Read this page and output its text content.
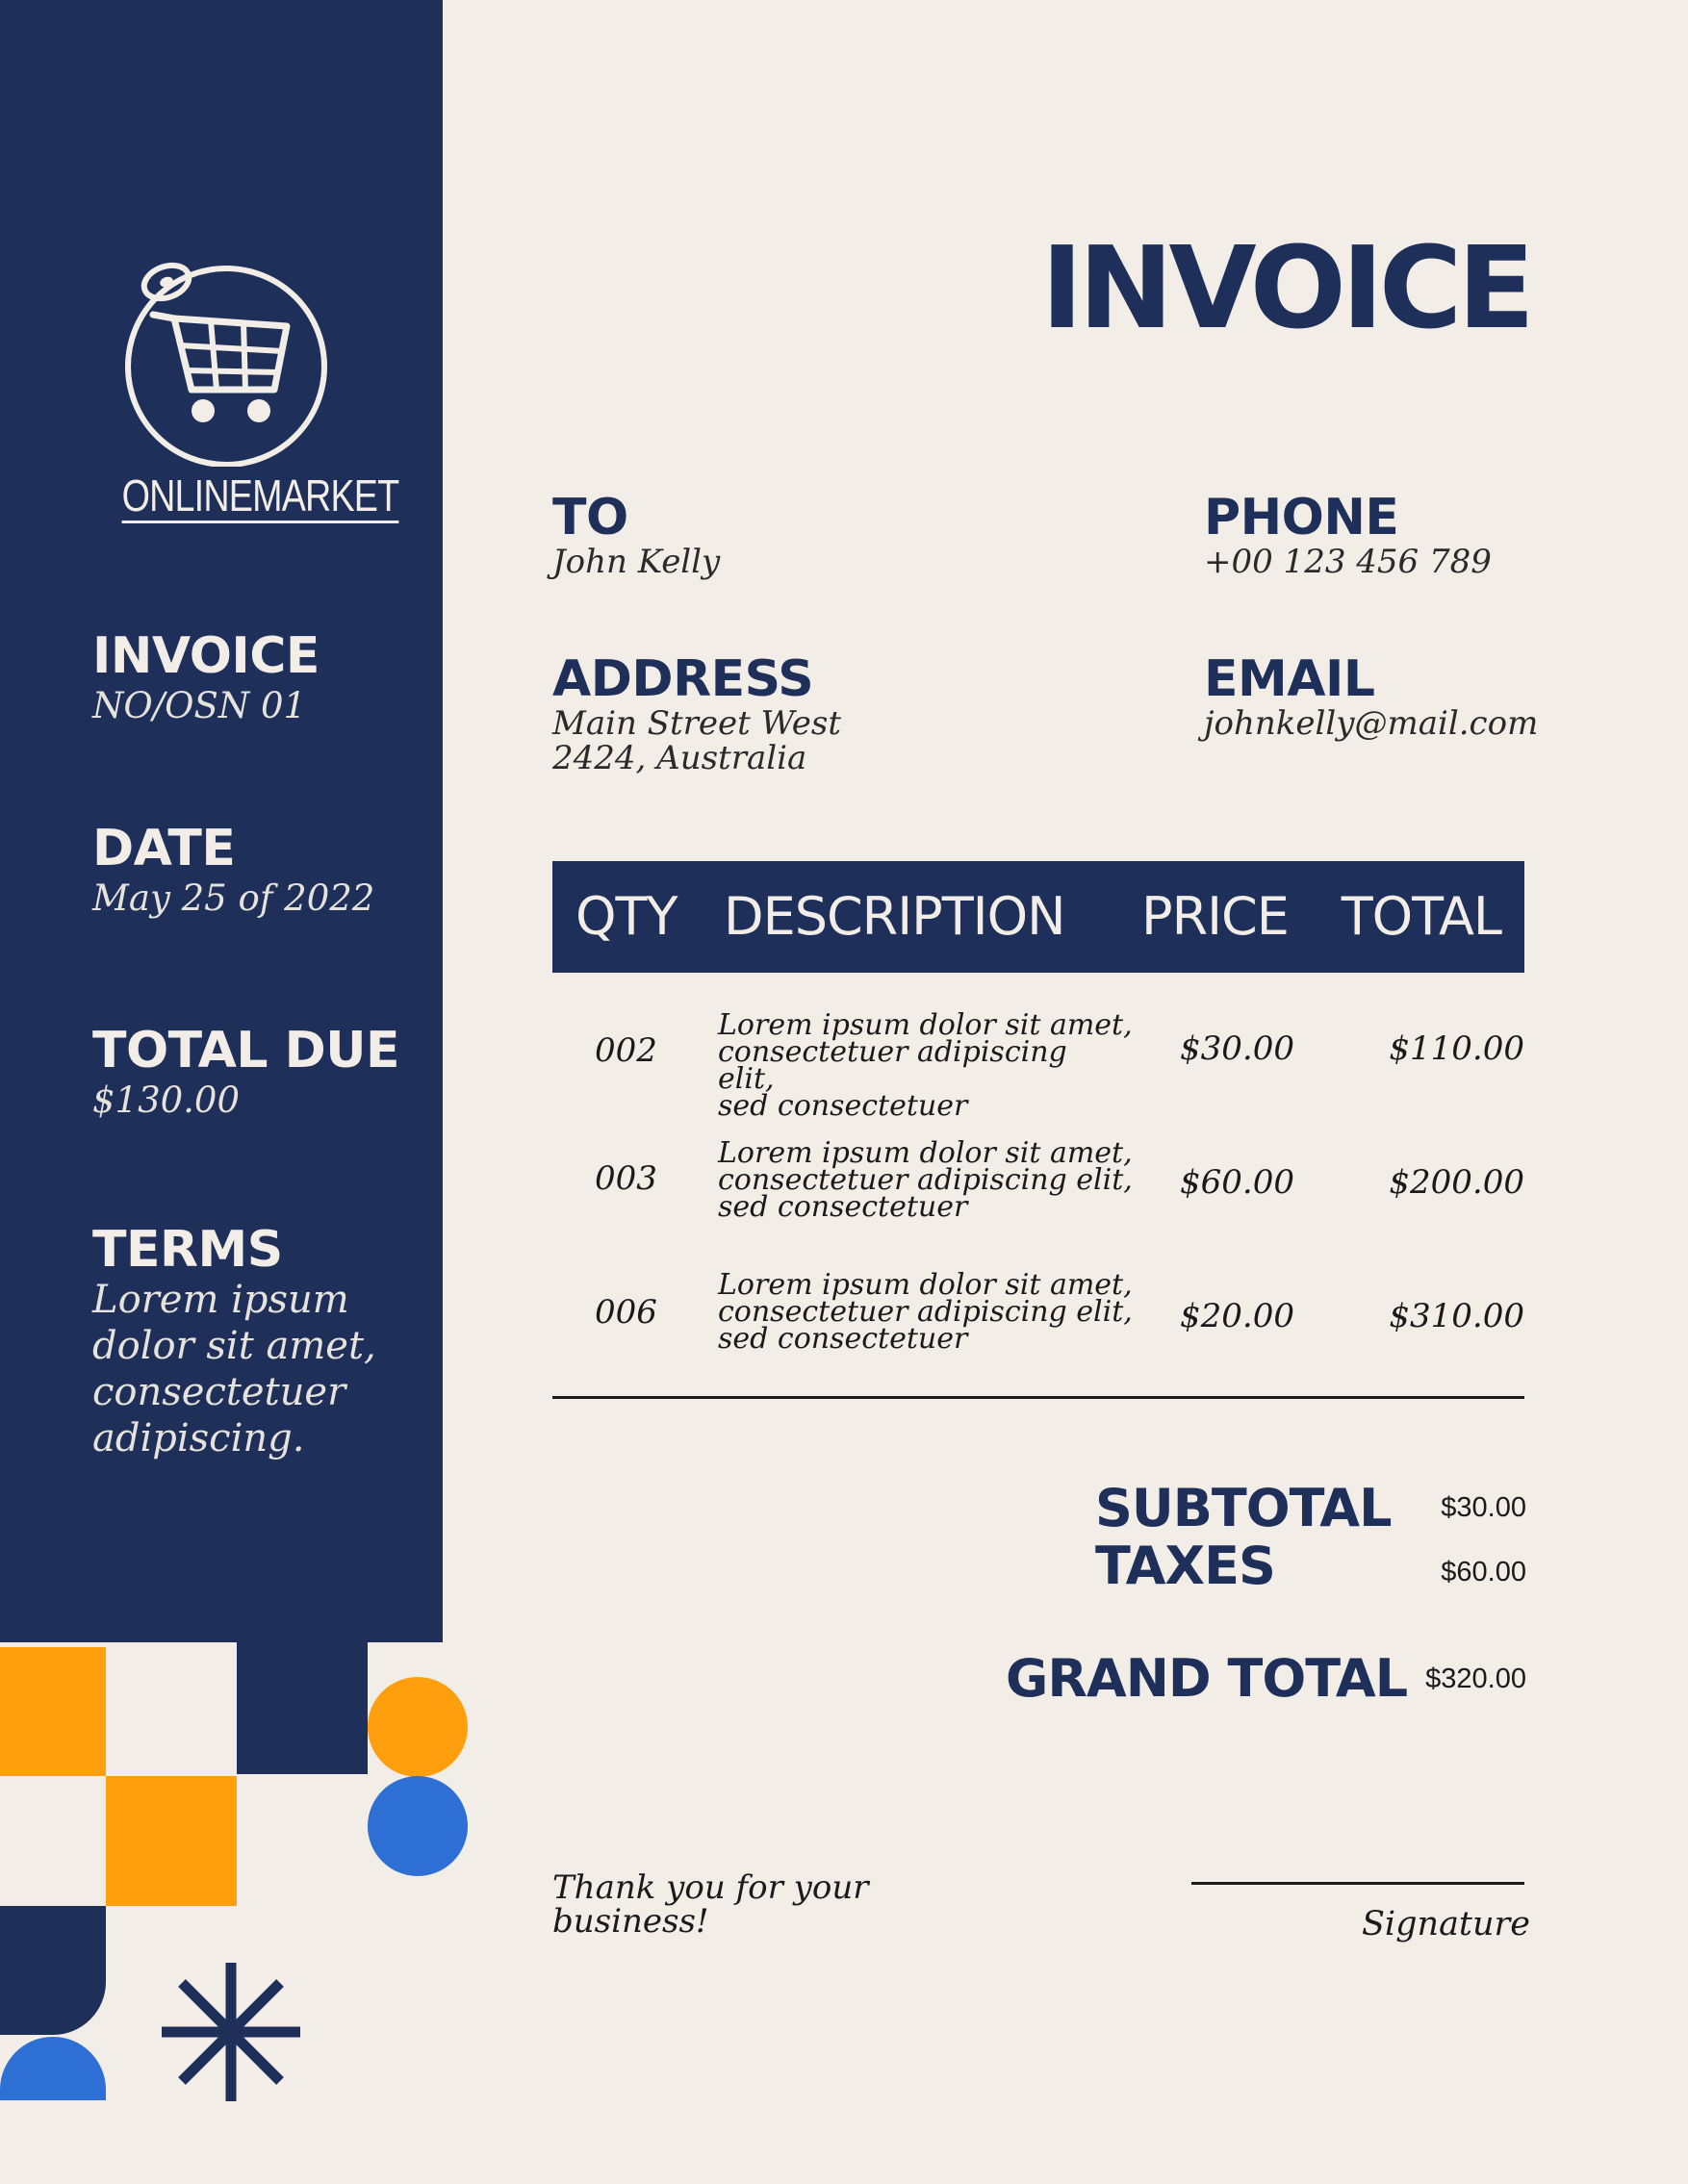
ONLINEMARKET
INVOICE
NO/OSN 01
DATE
May 25 of 2022
TOTAL DUE
$130.00
TERMS
Lorem ipsum
dolor sit amet,
consectetuer
adipiscing.
INVOICE
TO
John Kelly
PHONE
+00 123 456 789
ADDRESS
Main Street West
2424, Australia
EMAIL
johnkelly@mail.com
QTY DESCRIPTION PRICE TOTAL
002
Lorem ipsum dolor sit amet,
consectetuer adipiscing
elit,
sed consectetuer
$30.00	$110.00
003
Lorem ipsum dolor sit amet,
consectetuer adipiscing elit,
sed consectetuer
$60.00	$200.00
006
Lorem ipsum dolor sit amet,
consectetuer adipiscing elit,
sed consectetuer
$20.00	$310.00
SUBTOTAL $30.00
TAXES	$60.00
GRAND TOTAL $320.00
Thank you for your
business!	Signature
